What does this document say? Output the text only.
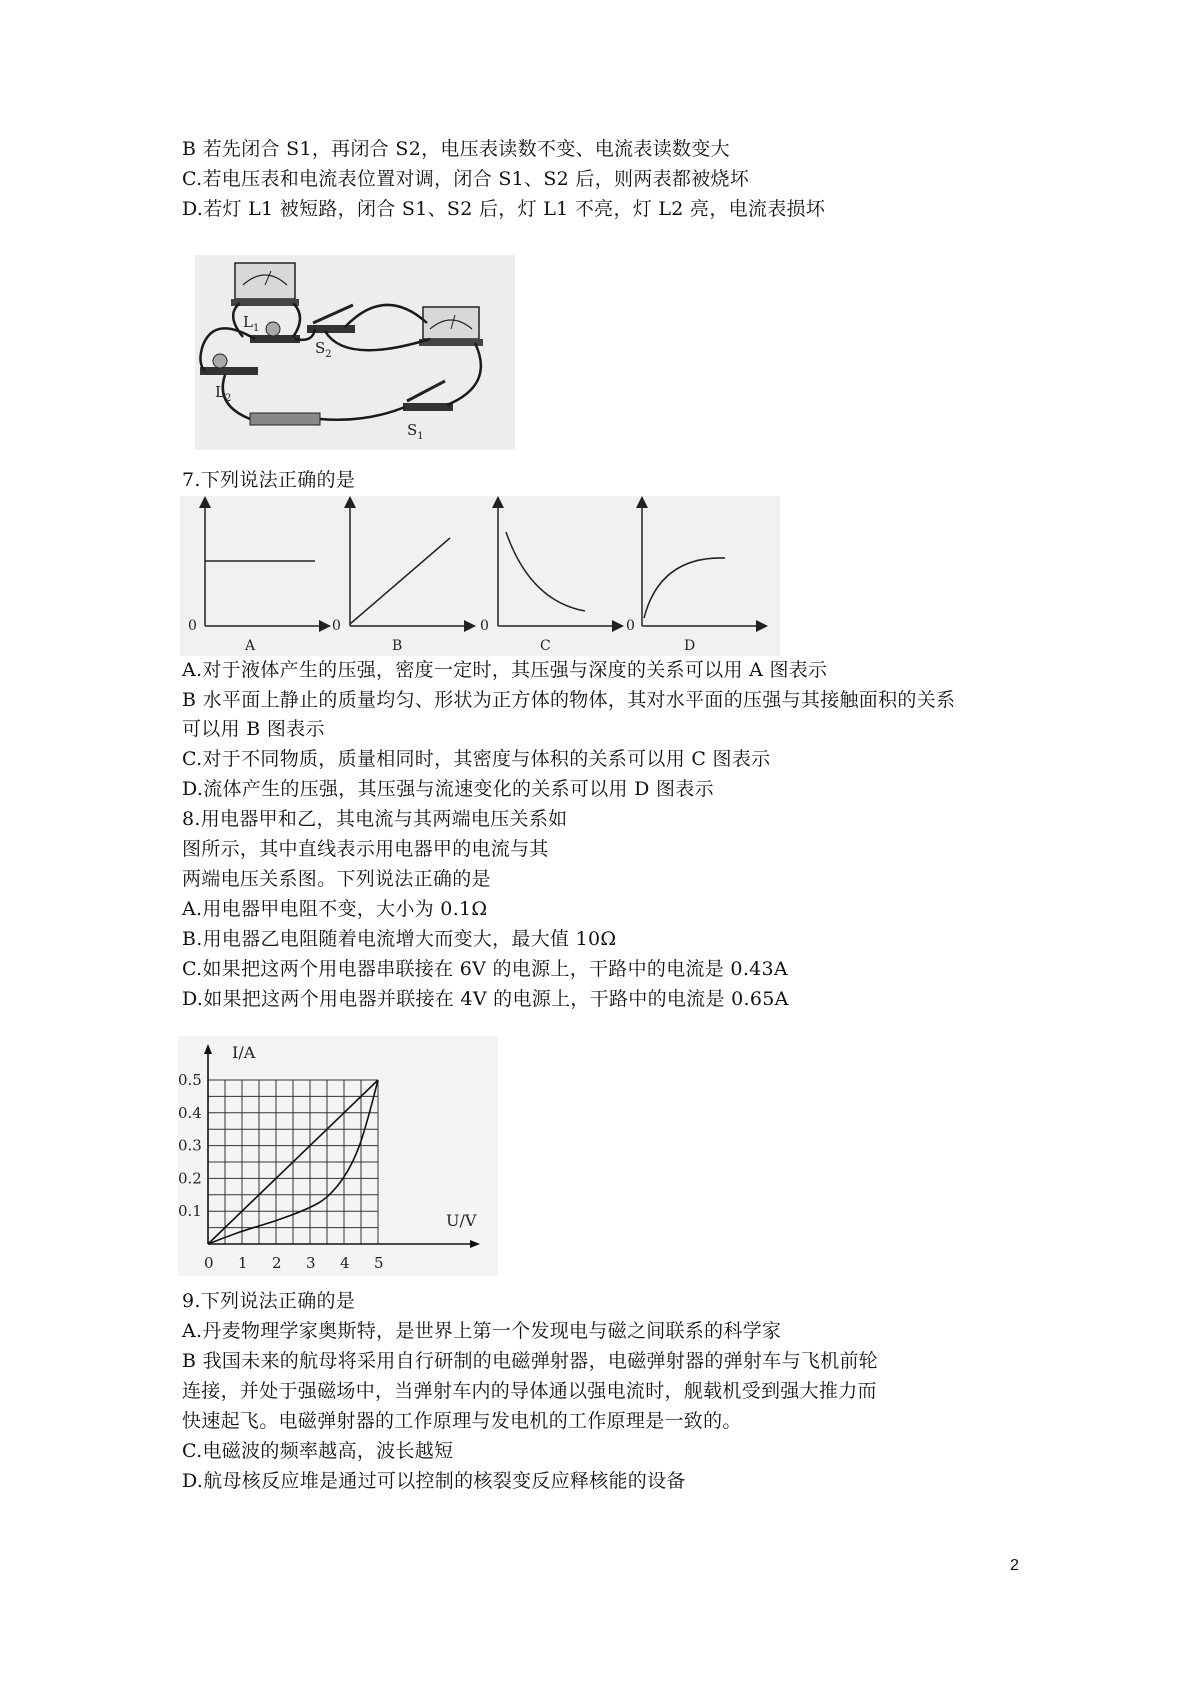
B 若先闭合 S1，再闭合 S2，电压表读数不变、电流表读数变大
C.若电压表和电流表位置对调，闭合 S1、S2 后，则两表都被烧坏
D.若灯 L1 被短路，闭合 S1、S2 后，灯 L1 不亮，灯 L2 亮，电流表损坏
$L_1$
$L_2$
$S_2$
$S_1$
7.下列说法正确的是
0	0	0	0
A	B	C	D
A.对于液体产生的压强，密度一定时，其压强与深度的关系可以用 A 图表示
B 水平面上静止的质量均匀、形状为正方体的物体，其对水平面的压强与其接触面积的关系
可以用 B 图表示
C.对于不同物质，质量相同时，其密度与体积的关系可以用 C 图表示
D.流体产生的压强，其压强与流速变化的关系可以用 D 图表示
8.用电器甲和乙，其电流与其两端电压关系如
图所示，其中直线表示用电器甲的电流与其
两端电压关系图。下列说法正确的是
A.用电器甲电阻不变，大小为 0.1Ω
B.用电器乙电阻随着电流增大而变大，最大值 10Ω
C.如果把这两个用电器串联接在 6V 的电源上，干路中的电流是 0.43A
D.如果把这两个用电器并联接在 4V 的电源上，干路中的电流是 0.65A
0 1 2 3 4 5
0.1
0.2
0.3
0.4
0.5
I/A
U/V
9.下列说法正确的是
A.丹麦物理学家奥斯特，是世界上第一个发现电与磁之间联系的科学家
B 我国未来的航母将采用自行研制的电磁弹射器，电磁弹射器的弹射车与飞机前轮
连接，并处于强磁场中，当弹射车内的导体通以强电流时，舰载机受到强大推力而
快速起飞。电磁弹射器的工作原理与发电机的工作原理是一致的。
C.电磁波的频率越高，波长越短
D.航母核反应堆是通过可以控制的核裂变反应释核能的设备
2
